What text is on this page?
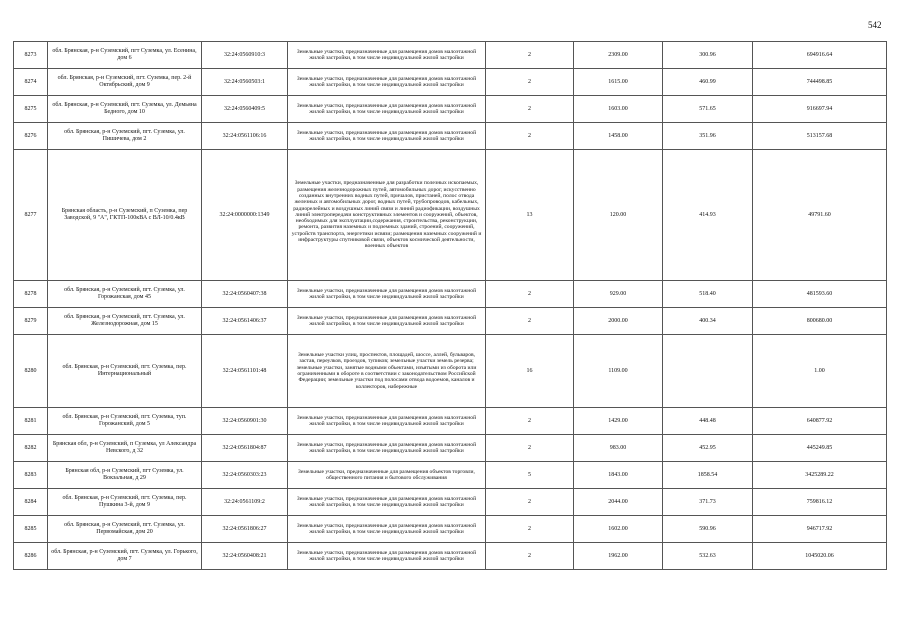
542
8273	обл. Брянская, р-н Суземский, пгт Суземка, ул. Есенина, дом 6	32:24:0560910:3	Земельные участки, предназначенные для размещения домов малоэтажной жилой застройки, в том числе индивидуальной жилой застройки	2	2309.00	300.96	694916.64
8274	обл. Брянская, р-н Суземский, пгт. Суземка, пер. 2-й Октябрьский, дом 9	32:24:0560503:1	Земельные участки, предназначенные для размещения домов малоэтажной жилой застройки, в том числе индивидуальной жилой застройки	2	1615.00	460.99	744498.85
8275	обл. Брянская, р-н Суземский, пгт. Суземка, ул. Демьяна Бедного, дом 10	32:24:0560409:5	Земельные участки, предназначенные для размещения домов малоэтажной жилой застройки, в том числе индивидуальной жилой застройки	2	1603.00	571.65	916697.94
8276	обл. Брянская, р-н Суземский, пгт. Суземка, ул. Пишичева, дом 2	32:24:0561106:16	Земельные участки, предназначенные для размещения домов малоэтажной жилой застройки, в том числе индивидуальной жилой застройки	2	1458.00	351.96	513157.68
8277	Брянская область, р-н Суземский, п Суземка, пер Заводской, 9 "А", ГКТП-100кВА с ВЛ-10/0.4кВ	32:24:0000000:1349	Земельные участки, предназначенные для разработки полезных ископаемых, размещения железнодорожных путей, автомобильных дорог, искусственно созданных внутренних водных путей, причалов, пристаней, полос отвода железных и автомобильных дорог, водных путей, трубопроводов, кабельных, радиорелейных и воздушных линий связи и линий радиофикации, воздушных линий электропередачи конструктивных элементов и сооружений, объектов, необходимых для эксплуатации,содержания, строительства, реконструкции, ремонта, развития наземных и подземных зданий, строений, сооружений, устройств транспорта, энергетики исвязи; размещения наземных сооружений и инфраструктуры спутниковой связи, объектов космической деятельности, военных объектов	13	120.00	414.93	49791.60
8278	обл. Брянская, р-н Суземский, пгт. Суземка, ул. Горожанская, дом 45	32:24:0560407:38	Земельные участки, предназначенные для размещения домов малоэтажной жилой застройки, в том числе индивидуальной жилой застройки	2	929.00	518.40	481593.60
8279	обл. Брянская, р-н Суземский, пгт. Суземка, ул. Железнодорожная, дом 15	32:24:0561406:37	Земельные участки, предназначенные для размещения домов малоэтажной жилой застройки, в том числе индивидуальной жилой застройки	2	2000.00	400.34	800680.00
8280	обл. Брянская, р-н Суземский, пгт. Суземка, пер. Интернациональный	32:24:0561101:48	Земельные участки улиц, проспектов, площадей, шоссе, аллей, бульваров, застав, переулков, проездов, тупиков; земельные участки земель резерва; земельные участки, занятые водными объектами, изъятыми из оборота или ограниченными в обороте в соответствии с законодательством Российской Федерации; земельные участки под полосами отвода водоемов, каналов и коллекторов, набережные	16	1109.00		1.00
8281	обл. Брянская, р-н Суземский, пгт. Суземка, туп. Горожанский, дом 5	32:24:0560901:30	Земельные участки, предназначенные для размещения домов малоэтажной жилой застройки, в том числе индивидуальной жилой застройки	2	1429.00	448.48	640877.92
8282	Брянская обл, р-н Суземский, п Суземка, ул Александра Невского, д 32	32:24:0561804:87	Земельные участки, предназначенные для размещения домов малоэтажной жилой застройки, в том числе индивидуальной жилой застройки	2	983.00	452.95	445249.85
8283	Брянская обл, р-н Суземский, пгт Суземка, ул. Вокзальная, д 29	32:24:0560303:23	Земельные участки, предназначенные для размещения объектов торговли, общественного питания и бытового обслуживания	5	1843.00	1858.54	3425289.22
8284	обл. Брянская, р-н Суземский, пгт. Суземка, пер. Пушкина 3-й, дом 9	32:24:0561109:2	Земельные участки, предназначенные для размещения домов малоэтажной жилой застройки, в том числе индивидуальной жилой застройки	2	2044.00	371.73	759816.12
8285	обл. Брянская, р-н Суземский, пгт. Суземка, ул. Первомайская, дом 20	32:24:0561806:27	Земельные участки, предназначенные для размещения домов малоэтажной жилой застройки, в том числе индивидуальной жилой застройки	2	1602.00	590.96	946717.92
8286	обл. Брянская, р-н Суземский, пгт. Суземка, ул. Горького, дом 7	32:24:0560408:21	Земельные участки, предназначенные для размещения домов малоэтажной жилой застройки, в том числе индивидуальной жилой застройки	2	1962.00	532.63	1045020.06
